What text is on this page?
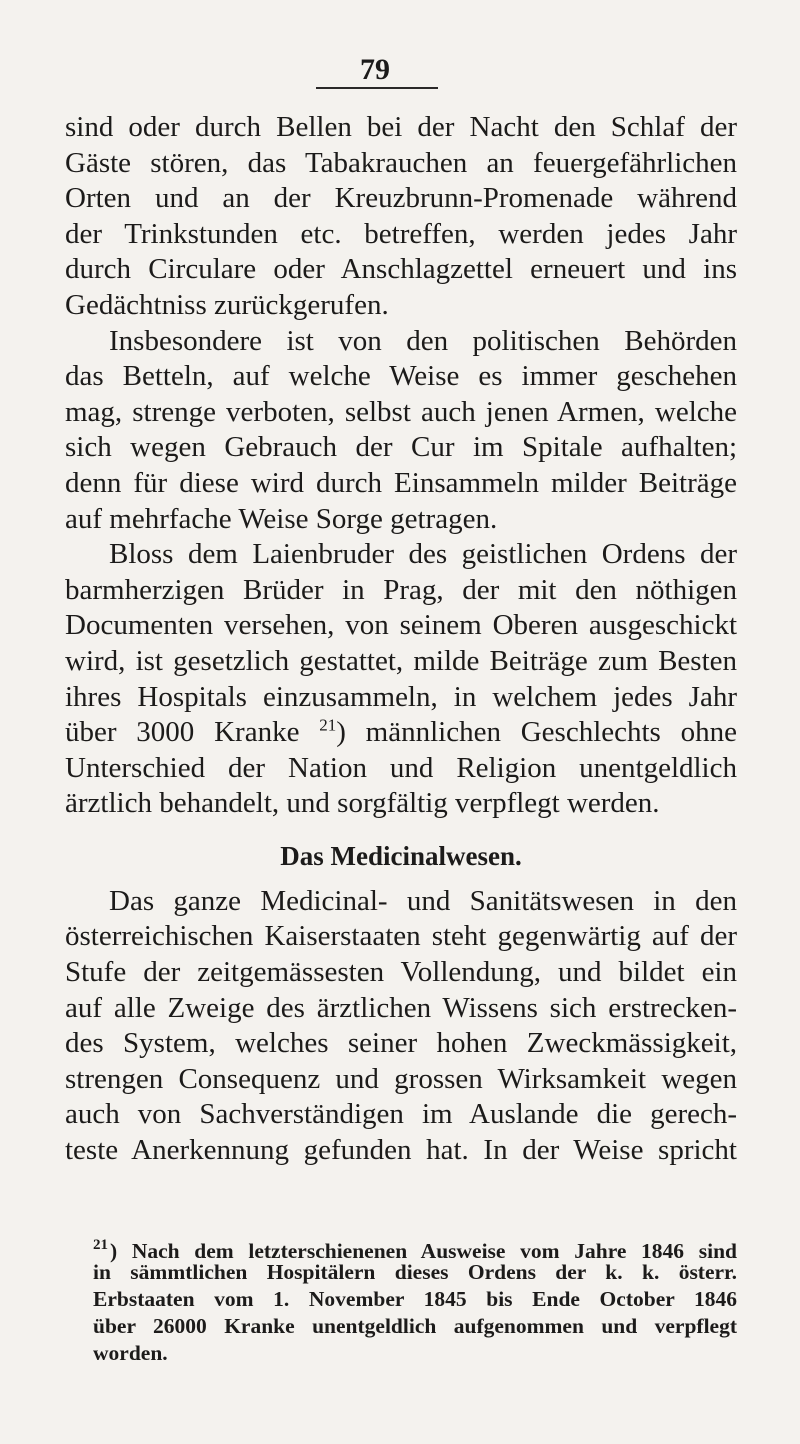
79
sind oder durch Bellen bei der Nacht den Schlaf der
Gäste stören, das Tabakrauchen an feuergefährlichen
Orten und an der Kreuzbrunn-Promenade während
der Trinkstunden etc. betreffen, werden jedes Jahr
durch Circulare oder Anschlagzettel erneuert und ins
Gedächtniss zurückgerufen.
Insbesondere ist von den politischen Behörden
das Betteln, auf welche Weise es immer geschehen
mag, strenge verboten, selbst auch jenen Armen, welche
sich wegen Gebrauch der Cur im Spitale aufhalten;
denn für diese wird durch Einsammeln milder Beiträge
auf mehrfache Weise Sorge getragen.
Bloss dem Laienbruder des geistlichen Ordens der
barmherzigen Brüder in Prag, der mit den nöthigen
Documenten versehen, von seinem Oberen ausgeschickt
wird, ist gesetzlich gestattet, milde Beiträge zum Besten
ihres Hospitals einzusammeln, in welchem jedes Jahr
über 3000 Kranke $^{21}$) männlichen Geschlechts ohne
Unterschied der Nation und Religion unentgeldlich
ärztlich behandelt, und sorgfältig verpflegt werden.
Das Medicinalwesen.
Das ganze Medicinal- und Sanitätswesen in den
österreichischen Kaiserstaaten steht gegenwärtig auf der
Stufe der zeitgemässesten Vollendung, und bildet ein
auf alle Zweige des ärztlichen Wissens sich erstrecken-
des System, welches seiner hohen Zweckmässigkeit,
strengen Consequenz und grossen Wirksamkeit wegen
auch von Sachverständigen im Auslande die gerech-
teste Anerkennung gefunden hat. In der Weise spricht
$^{21}$) Nach dem letzterschienenen Ausweise vom Jahre 1846 sind
in sämmtlichen Hospitälern dieses Ordens der k. k. österr.
Erbstaaten vom 1. November 1845 bis Ende October 1846
über 26000 Kranke unentgeldlich aufgenommen und verpflegt
worden.
